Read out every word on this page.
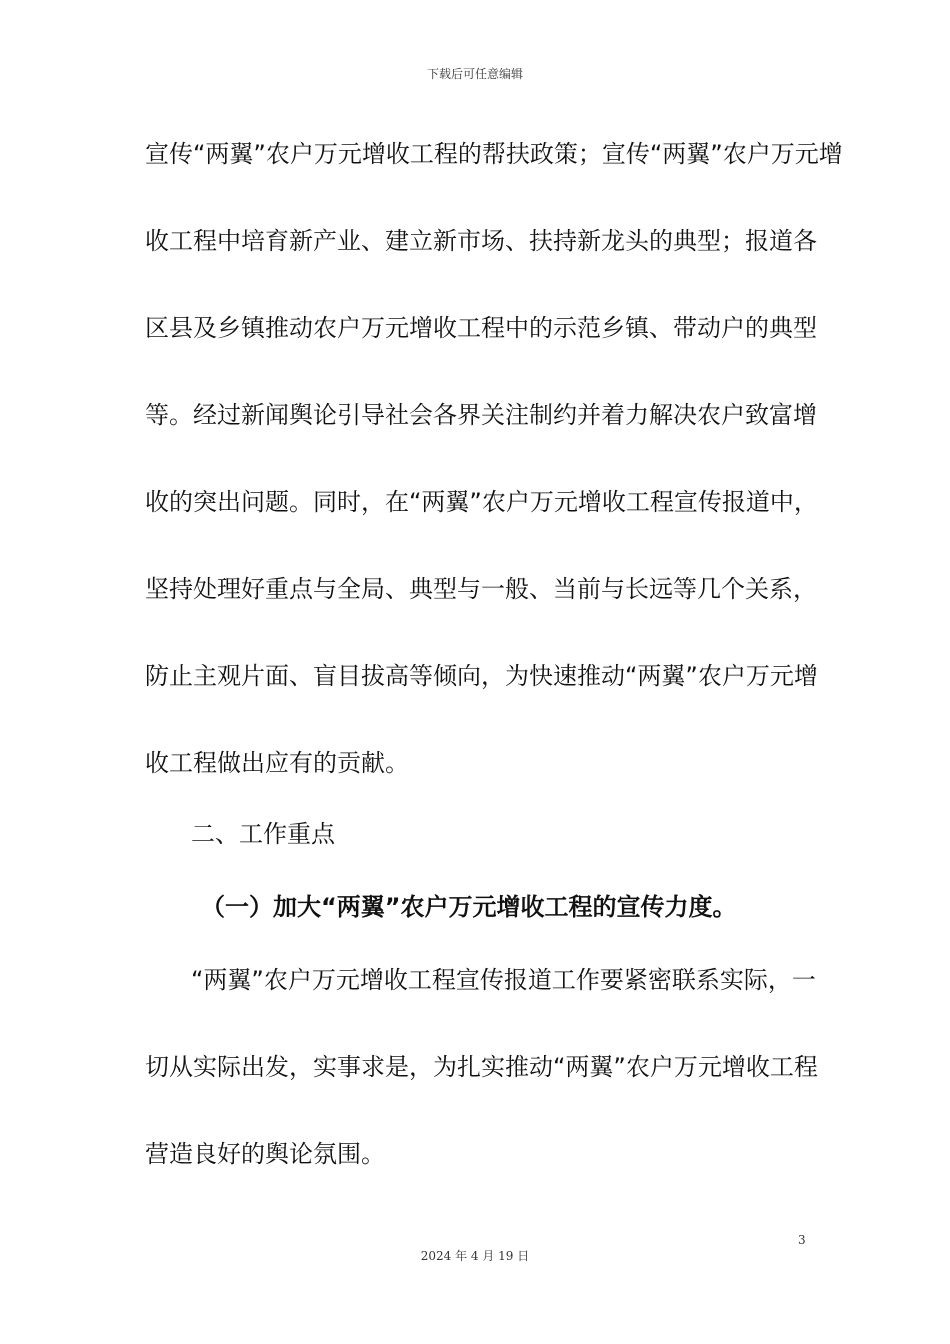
下载后可任意编辑
宣传“两翼”农户万元增收工程的帮扶政策；宣传“两翼”农户万元增
收工程中培育新产业、建立新市场、扶持新龙头的典型；报道各
区县及乡镇推动农户万元增收工程中的示范乡镇、带动户的典型
等。经过新闻舆论引导社会各界关注制约并着力解决农户致富增
收的突出问题。同时，在“两翼”农户万元增收工程宣传报道中，
坚持处理好重点与全局、典型与一般、当前与长远等几个关系，
防止主观片面、盲目拔高等倾向，为快速推动“两翼”农户万元增
收工程做出应有的贡献。
二、工作重点
（一）加大“两翼”农户万元增收工程的宣传力度。
“两翼”农户万元增收工程宣传报道工作要紧密联系实际，一
切从实际出发，实事求是，为扎实推动“两翼”农户万元增收工程
营造良好的舆论氛围。
3
2024 年 4 月 19 日
